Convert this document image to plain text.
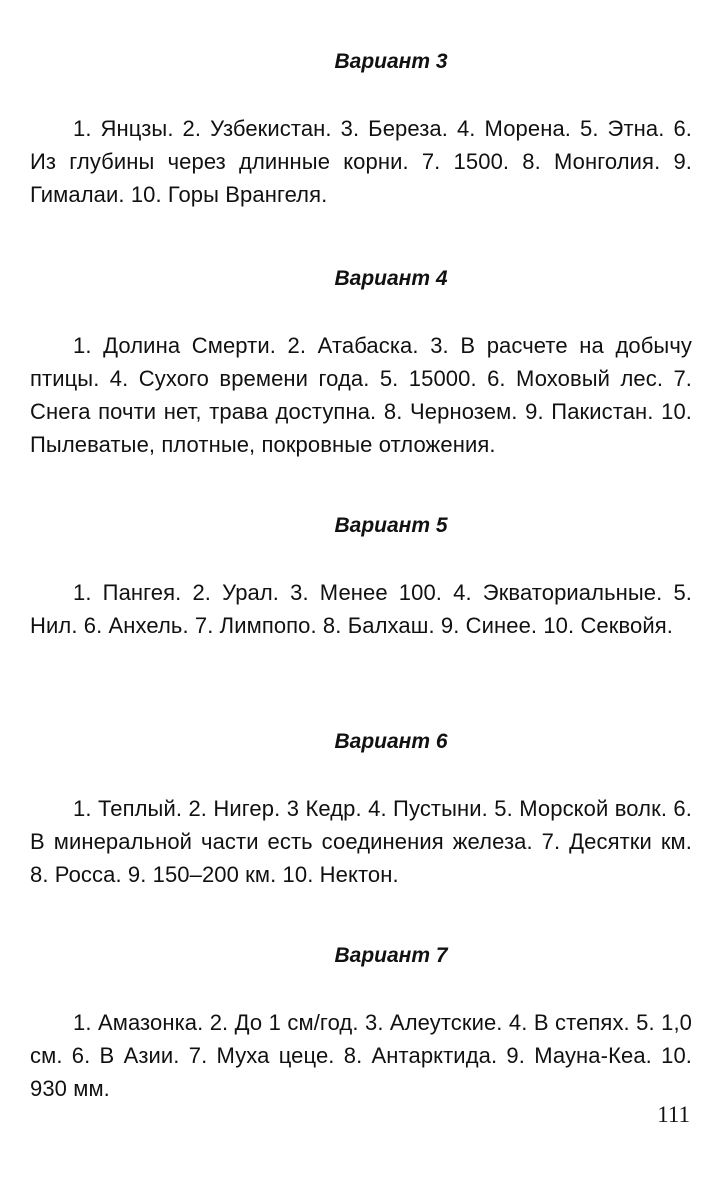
Вариант 3

1. Янцзы. 2. Узбекистан. 3. Береза. 4. Морена. 5. Этна. 6. Из глубины через длинные корни. 7. 1500. 8. Монголия. 9. Гималаи. 10. Горы Врангеля.

Вариант 4

1. Долина Смерти. 2. Атабаска. 3. В расчете на добычу птицы. 4. Сухого времени года. 5. 15000. 6. Моховый лес. 7. Снега почти нет, трава доступна. 8. Чернозем. 9. Пакистан. 10. Пылеватые, плотные, покровные отложения.

Вариант 5

1. Пангея. 2. Урал. 3. Менее 100. 4. Экваториальные. 5. Нил. 6. Анхель. 7. Лимпопо. 8. Балхаш. 9. Синее. 10. Секвойя.

Вариант 6

1. Теплый. 2. Нигер. 3 Кедр. 4. Пустыни. 5. Морской волк. 6. В минеральной части есть соединения железа. 7. Десятки км. 8. Росса. 9. 150–200 км. 10. Нектон.

Вариант 7

1. Амазонка. 2. До 1 см/год. 3. Алеутские. 4. В степях. 5. 1,0 см. 6. В Азии. 7. Муха цеце. 8. Антарктида. 9. Мауна-Кеа. 10. 930 мм.

111
